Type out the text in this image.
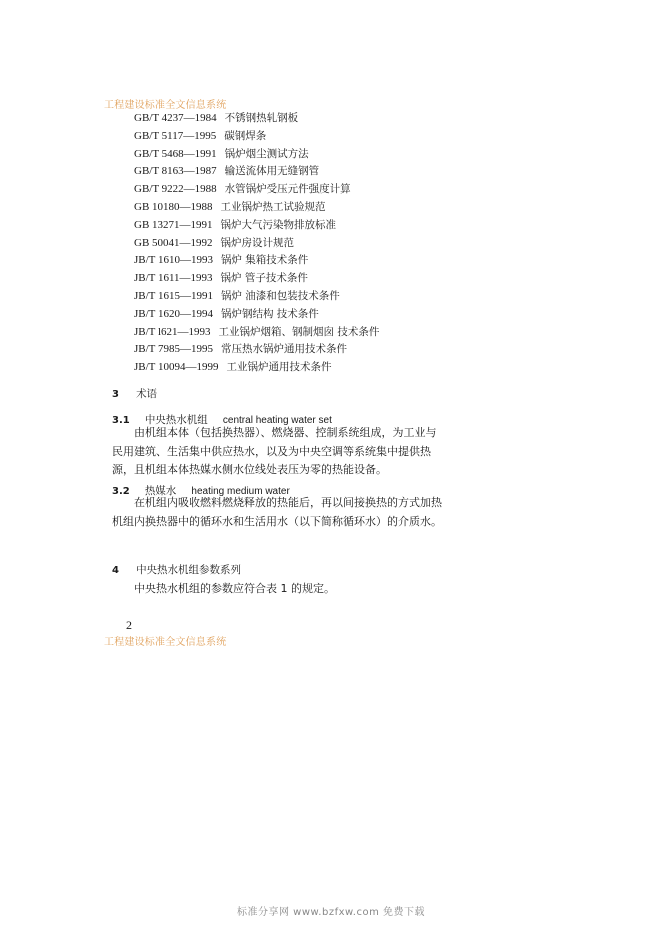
工程建设标准全文信息系统
GB/T 4237—1984 不锈钢热轧钢板
GB/T 5117—1995 碳钢焊条
GB/T 5468—1991 锅炉烟尘测试方法
GB/T 8163—1987 输送流体用无缝钢管
GB/T 9222—1988 水管锅炉受压元件强度计算
GB 10180—1988 工业锅炉热工试验规范
GB 13271—1991 锅炉大气污染物排放标准
GB 50041—1992 锅炉房设计规范
JB/T 1610—1993 锅炉 集箱技术条件
JB/T 1611—1993 锅炉 管子技术条件
JB/T 1615—1991 锅炉 油漆和包装技术条件
JB/T 1620—1994 锅炉钢结构 技术条件
JB/T l621—1993 工业锅炉烟箱、钢制烟囱 技术条件
JB/T 7985—1995 常压热水锅炉通用技术条件
JB/T 10094—1999 工业锅炉通用技术条件
3 术语
3.1 中央热水机组 central heating water set

由机组本体（包括换热器）、燃烧器、控制系统组成，为工业与民用建筑、生活集中供应热水，以及为中央空调等系统集中提供热源，且机组本体热媒水侧水位线处表压为零的热能设备。

3.2 热媒水 heating medium water

在机组内吸收燃料燃烧释放的热能后，再以间接换热的方式加热机组内换热器中的循环水和生活用水（以下简称循环水）的介质水。

4 中央热水机组参数系列

中央热水机组的参数应符合表 1 的规定。

2
工程建设标准全文信息系统
标准分享网 www.bzfxw.com 免费下载
